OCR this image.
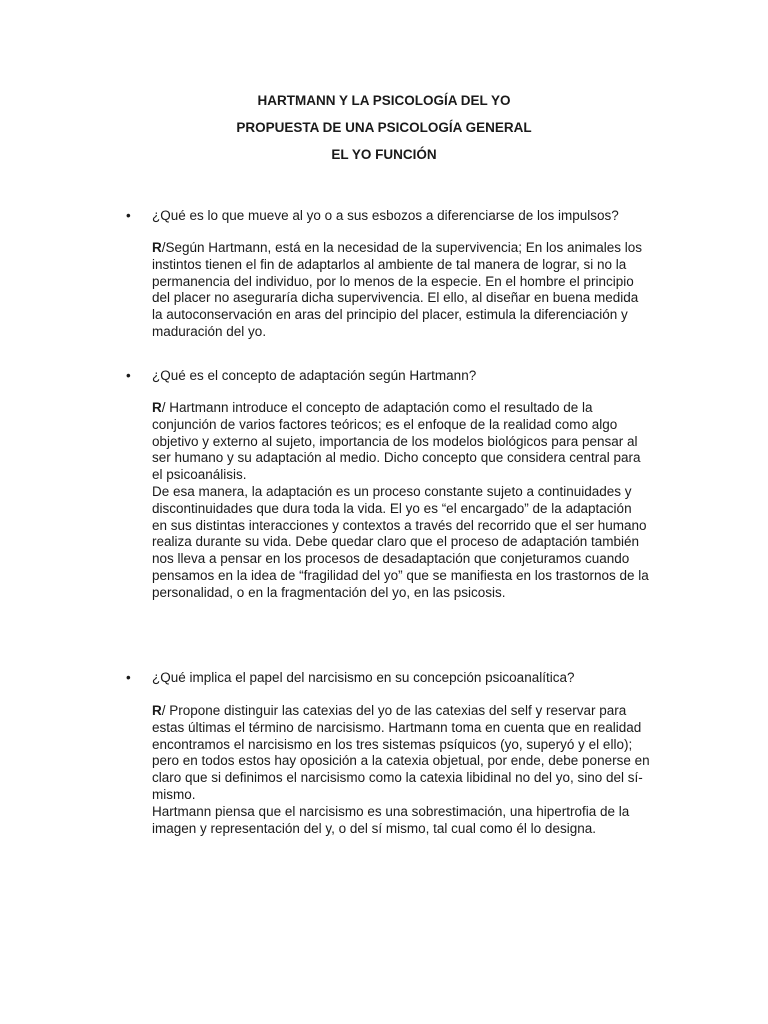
HARTMANN Y LA PSICOLOGÍA DEL YO
PROPUESTA DE UNA PSICOLOGÍA GENERAL
EL YO FUNCIÓN
• ¿Qué es lo que mueve al yo o a sus esbozos a diferenciarse de los impulsos?

R/Según Hartmann, está en la necesidad de la supervivencia; En los animales los
instintos tienen el fin de adaptarlos al ambiente de tal manera de lograr, si no la
permanencia del individuo, por lo menos de la especie. En el hombre el principio
del placer no aseguraría dicha supervivencia. El ello, al diseñar en buena medida
la autoconservación en aras del principio del placer, estimula la diferenciación y
maduración del yo.

• ¿Qué es el concepto de adaptación según Hartmann?

R/ Hartmann introduce el concepto de adaptación como el resultado de la
conjunción de varios factores teóricos; es el enfoque de la realidad como algo
objetivo y externo al sujeto, importancia de los modelos biológicos para pensar al
ser humano y su adaptación al medio. Dicho concepto que considera central para
el psicoanálisis.
De esa manera, la adaptación es un proceso constante sujeto a continuidades y
discontinuidades que dura toda la vida. El yo es “el encargado” de la adaptación
en sus distintas interacciones y contextos a través del recorrido que el ser humano
realiza durante su vida. Debe quedar claro que el proceso de adaptación también
nos lleva a pensar en los procesos de desadaptación que conjeturamos cuando
pensamos en la idea de “fragilidad del yo” que se manifiesta en los trastornos de la
personalidad, o en la fragmentación del yo, en las psicosis.

• ¿Qué implica el papel del narcisismo en su concepción psicoanalítica?

R/ Propone distinguir las catexias del yo de las catexias del self y reservar para
estas últimas el término de narcisismo. Hartmann toma en cuenta que en realidad
encontramos el narcisismo en los tres sistemas psíquicos (yo, superyó y el ello);
pero en todos estos hay oposición a la catexia objetual, por ende, debe ponerse en
claro que si definimos el narcisismo como la catexia libidinal no del yo, sino del sí-
mismo.
Hartmann piensa que el narcisismo es una sobrestimación, una hipertrofia de la
imagen y representación del y, o del sí mismo, tal cual como él lo designa.
